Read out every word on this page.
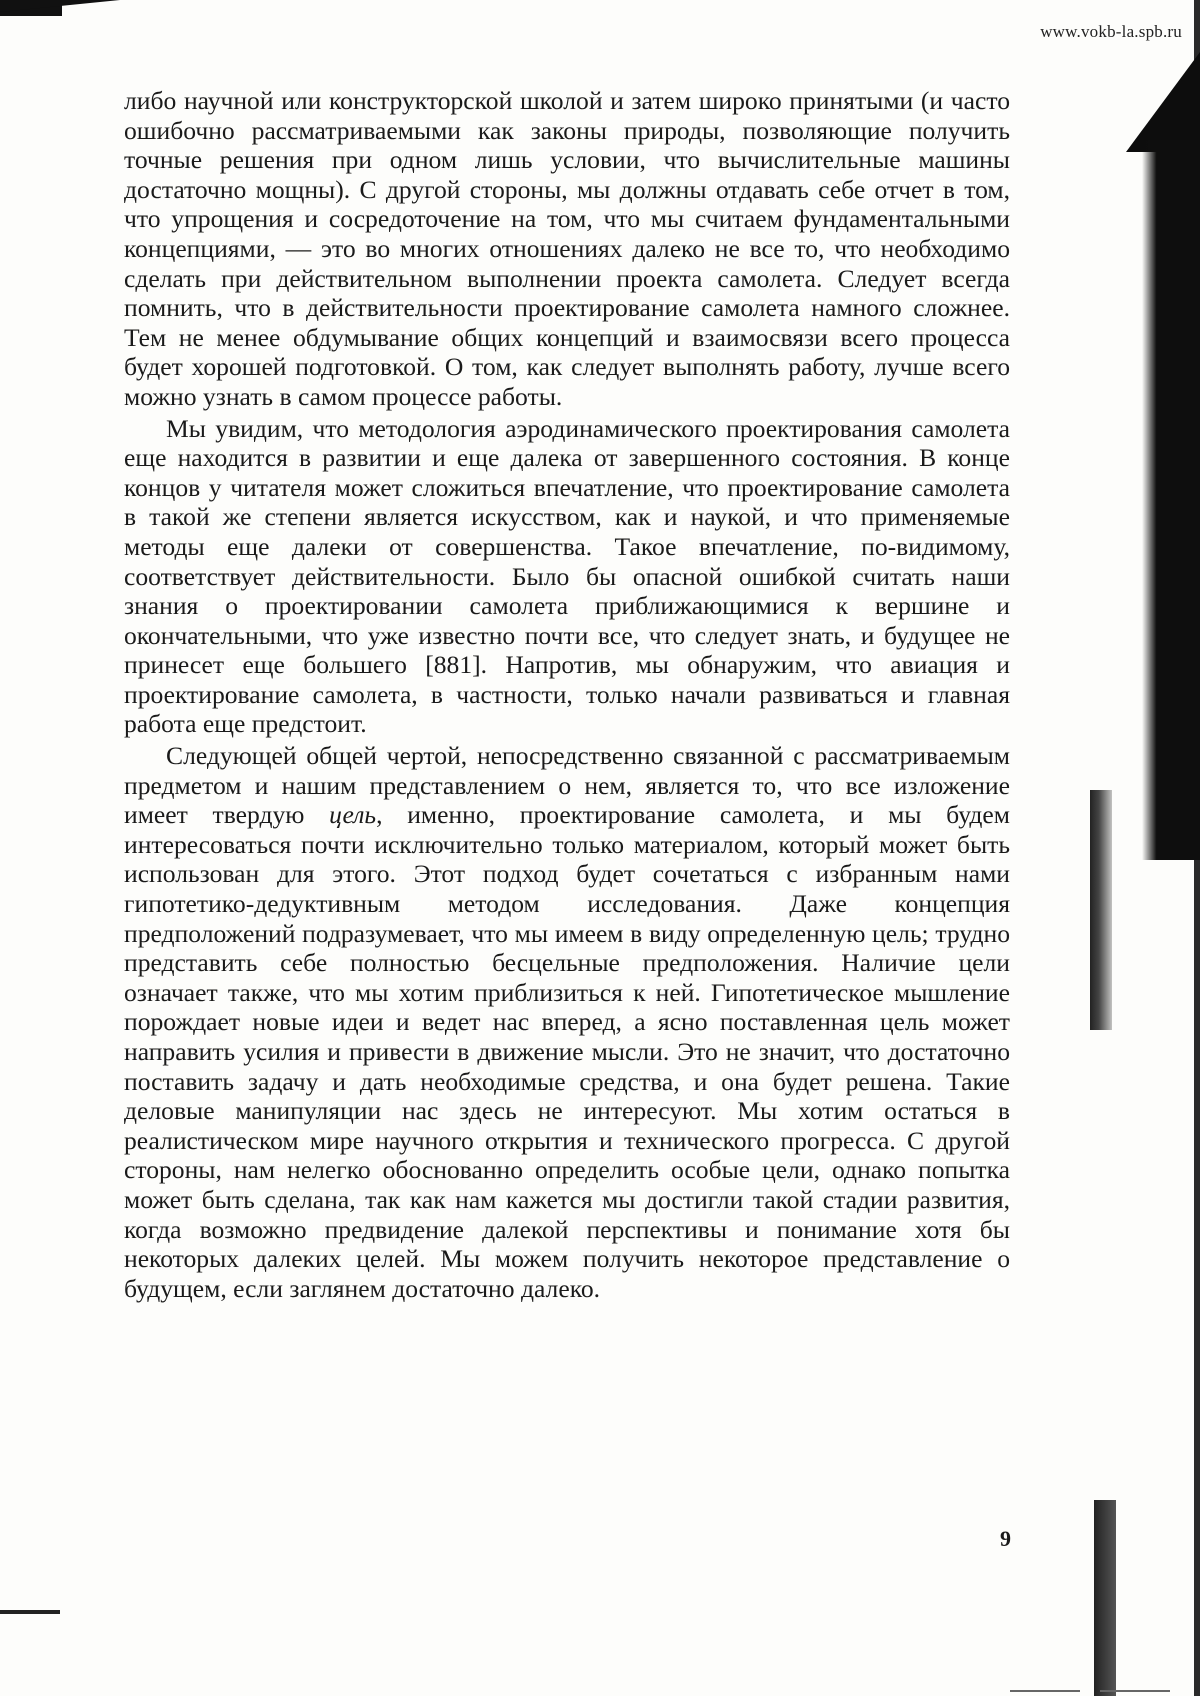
www.vokb-la.spb.ru

либо научной или конструкторской школой и затем широко принятыми (и часто ошибочно рассматриваемыми как законы природы, позволяющие получить точные решения при одном лишь условии, что вычислительные машины достаточно мощны). С другой стороны, мы должны отдавать себе отчет в том, что упрощения и сосредоточение на том, что мы считаем фундаментальными концепциями, — это во многих отношениях далеко не все то, что необходимо сделать при действительном выполнении проекта самолета. Следует всегда помнить, что в действительности проектирование самолета намного сложнее. Тем не менее обдумывание общих концепций и взаимосвязи всего процесса будет хорошей подготовкой. О том, как следует выполнять работу, лучше всего можно узнать в самом процессе работы.

Мы увидим, что методология аэродинамического проектирования самолета еще находится в развитии и еще далека от завершенного состояния. В конце концов у читателя может сложиться впечатление, что проектирование самолета в такой же степени является искусством, как и наукой, и что применяемые методы еще далеки от совершенства. Такое впечатление, по-видимому, соответствует действительности. Было бы опасной ошибкой считать наши знания о проектировании самолета приближающимися к вершине и окончательными, что уже известно почти все, что следует знать, и будущее не принесет еще большего [881]. Напротив, мы обнаружим, что авиация и проектирование самолета, в частности, только начали развиваться и главная работа еще предстоит.

Следующей общей чертой, непосредственно связанной с рассматриваемым предметом и нашим представлением о нем, является то, что все изложение имеет твердую цель, именно, проектирование самолета, и мы будем интересоваться почти исключительно только материалом, который может быть использован для этого. Этот подход будет сочетаться с избранным нами гипотетико-дедуктивным методом исследования. Даже концепция предположений подразумевает, что мы имеем в виду определенную цель; трудно представить себе полностью бесцельные предположения. Наличие цели означает также, что мы хотим приблизиться к ней. Гипотетическое мышление порождает новые идеи и ведет нас вперед, а ясно поставленная цель может направить усилия и привести в движение мысли. Это не значит, что достаточно поставить задачу и дать необходимые средства, и она будет решена. Такие деловые манипуляции нас здесь не интересуют. Мы хотим остаться в реалистическом мире научного открытия и технического прогресса. С другой стороны, нам нелегко обоснованно определить особые цели, однако попытка может быть сделана, так как нам кажется мы достигли такой стадии развития, когда возможно предвидение далекой перспективы и понимание хотя бы некоторых далеких целей. Мы можем получить некоторое представление о будущем, если заглянем достаточно далеко.

9
